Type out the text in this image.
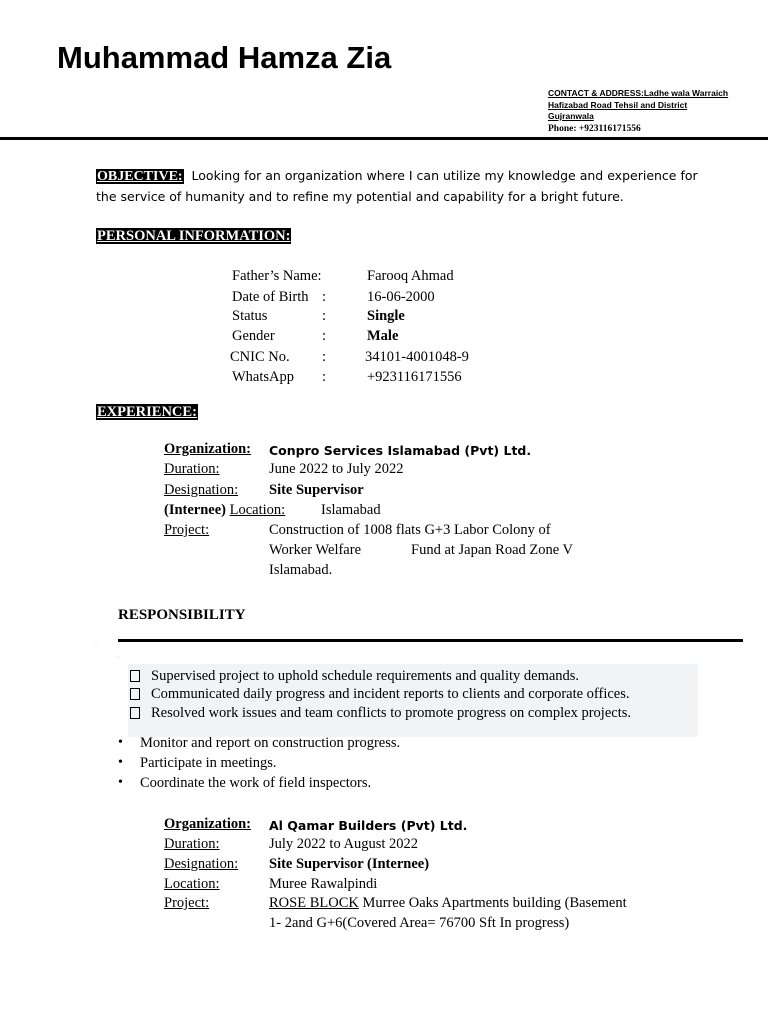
Muhammad Hamza Zia
CONTACT & ADDRESS:Ladhe wala Warraich
Hafizabad Road Tehsil and District
Gujranwala
Phone: +923116171556
OBJECTIVE: Looking for an organization where I can utilize my knowledge and experience for the service of humanity and to refine my potential and capability for a bright future.
PERSONAL INFORMATION:
Father’s Name:	Farooq Ahmad
Date of Birth :	16-06-2000
Status	:	Single
Gender	:	Male
CNIC No. :	34101-4001048-9
WhatsApp :	+923116171556
EXPERIENCE:
Organization: Conpro Services Islamabad (Pvt) Ltd.
Duration:	June 2022 to July 2022
Designation: Site Supervisor
(Internee) Location: Islamabad
Project:	Construction of 1008 flats G+3 Labor Colony of
Worker Welfare	Fund at Japan Road Zone V
Islamabad.
RESPONSIBILITY
ˈ
ˈ
Supervised project to uphold schedule requirements and quality demands.
Communicated daily progress and incident reports to clients and corporate offices.
Resolved work issues and team conflicts to promote progress on complex projects.
• Monitor and report on construction progress.
• Participate in meetings.
• Coordinate the work of field inspectors.
Organization: Al Qamar Builders (Pvt) Ltd.
Duration:	July 2022 to August 2022
Designation: Site Supervisor (Internee)
Location:	Muree Rawalpindi
Project:	ROSE BLOCK Murree Oaks Apartments building (Basement
1- 2and G+6(Covered Area= 76700 Sft In progress)
